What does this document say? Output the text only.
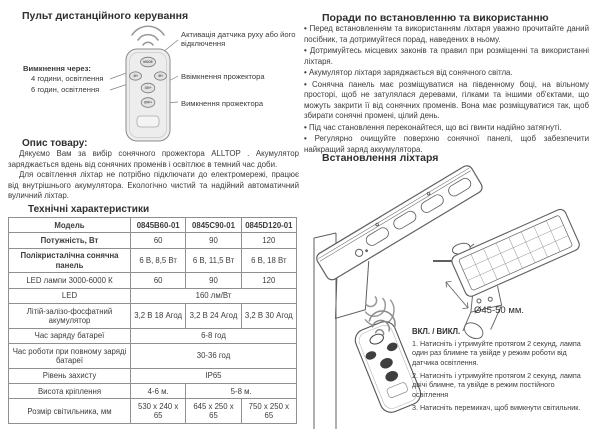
Пульт дистанційного керування
MODE
4H	6H
ON+
OFF+
Активація датчика руху або його відключення
Вимкнення через:
4 години, освітлення
6 годин, освітлення
Ввімкнення прожектора
Вимкнення прожектора
Опис товару:
Дякуємо Вам за вибір сонячного прожектора ALLTOP . Акумулятор заряджається вдень від сонячних променів і освітлює в темний час доби.
Для освітлення ліхтар не потрібно підключати до електромережі, працює від внутрішнього акумулятора. Екологічно чистий та надійний автоматичний вуличний ліхтар.
Технічні характеристики
Модель	0845B60-01	0845C90-01	0845D120-01
Потужність, Вт	60	90	120
Полікристалічна сонячна панель	6 В, 8,5 Вт	6 В, 11,5 Вт	6 В, 18 Вт
LED лампи 3000-6000 К	60	90	120
LED	160 лм/Вт		
Літій-залізо-фосфатний акумулятор	3,2 В 18 Агод	3,2 В 24 Агод	3,2 В 30 Агод
Час заряду батареї	6-8 год		
Час роботи при повному заряді батареї	30-36 год		
Рівень захисту	IP65		
Висота кріплення	4-6 м.	5-8 м.	
Розмір світильника, мм	530 x 240 x 65	645 x 250 x 65	750 x 250 x 65
Поради по встановленню та використанню
• Перед встановленням та використанням ліхтаря уважно прочитайте даний посібник, та дотримуйтеся порад, наведених в ньому.
• Дотримуйтесь місцевих законів та правил при розміщенні та використанні ліхтаря.
• Акумулятор ліхтаря заряджається від сонячного світла.
• Сонячна панель має розміщуватися на південному боці, на вільному просторі, щоб не затулялася деревами, гілками та іншими об'єктами, що можуть закрити її від сонячних променів. Вона має розміщуватися так, щоб збирати сонячні промені, цілий день.
• Під час становлення переконайтеся, що всі гвинти надійно затягнуті.
• Регулярно очищуйте поверхню сонячної панелі, щоб забезпечити найкращий заряд аккумулятора.
Встановлення ліхтаря
Ø45-50 мм.
ВКЛ. / ВИКЛ.
1. Натисніть і утримуйте протягом 2 секунд, лампа один раз блимне та увійде у режим роботи від датчика освітлення.
2. Натисніть і утримуйте протягом 2 секунд, лампа двічі блимне, та увійде в режим постійного освітлення
3. Натисніть перемикач, щоб вимкнути світильник.
